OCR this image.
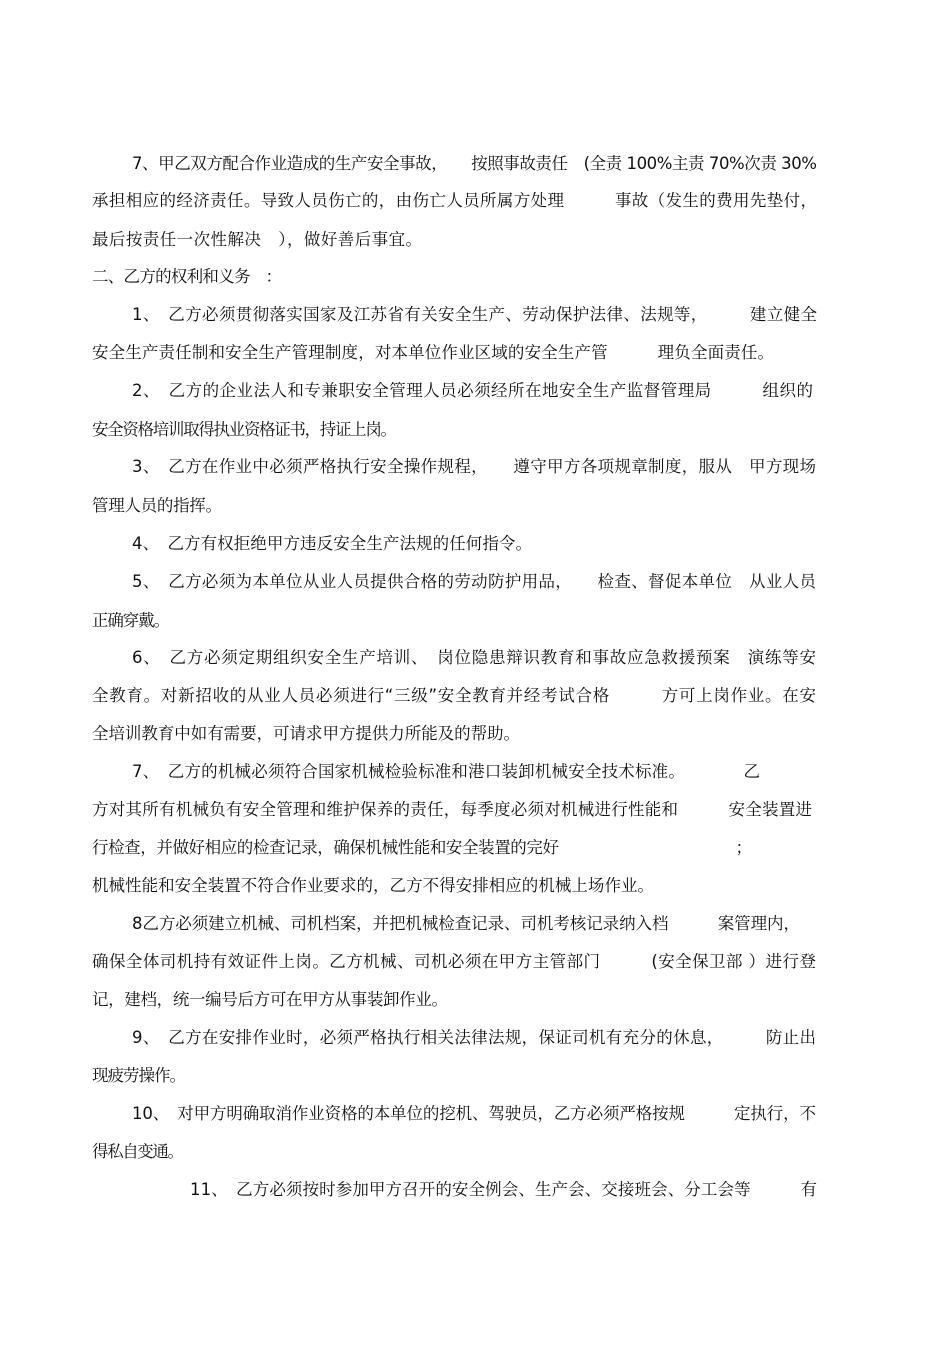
7、甲乙双方配合作业造成的生产安全事故，　　按照事故责任　(全责 100%主责 70%次责 30%
承担相应的经济责任。导致人员伤亡的，由伤亡人员所属方处理　　　事故（发生的费用先垫付，
最后按责任一次性解决　），做好善后事宜。
二、乙方的权利和义务　：
1、　乙方必须贯彻落实国家及江苏省有关安全生产、劳动保护法律、法规等，　　　建立健全
安全生产责任制和安全生产管理制度，对本单位作业区域的安全生产管　　　理负全面责任。
2、　乙方的企业法人和专兼职安全管理人员必须经所在地安全生产监督管理局　　　组织的
安全资格培训取得执业资格证书，持证上岗。
3、　乙方在作业中必须严格执行安全操作规程，　　遵守甲方各项规章制度，服从　甲方现场
管理人员的指挥。
4、　乙方有权拒绝甲方违反安全生产法规的任何指令。
5、　乙方必须为本单位从业人员提供合格的劳动防护用品，　　检查、督促本单位　从业人员
正确穿戴。
6、　乙方必须定期组织安全生产培训、　岗位隐患辩识教育和事故应急救援预案　演练等安
全教育。对新招收的从业人员必须进行“三级”安全教育并经考试合格　　　方可上岗作业。在安
全培训教育中如有需要，可请求甲方提供力所能及的帮助。
7、　乙方的机械必须符合国家机械检验标准和港口装卸机械安全技术标准。　　　　乙
方对其所有机械负有安全管理和维护保养的责任，每季度必须对机械进行性能和　　　安全装置进
行检查，并做好相应的检查记录，确保机械性能和安全装置的完好　　　　　　　　　　　；
机械性能和安全装置不符合作业要求的，乙方不得安排相应的机械上场作业。
8乙方必须建立机械、司机档案，并把机械检查记录、司机考核记录纳入档　　　案管理内，
确保全体司机持有效证件上岗。乙方机械、司机必须在甲方主管部门　　　(安全保卫部 ）进行登
记，建档，统一编号后方可在甲方从事装卸作业。
9、　乙方在安排作业时，必须严格执行相关法律法规，保证司机有充分的休息，　　　防止出
现疲劳操作。
10、　对甲方明确取消作业资格的本单位的挖机、驾驶员，乙方必须严格按规　　　定执行，不
得私自变通。
11、　乙方必须按时参加甲方召开的安全例会、生产会、交接班会、分工会等　　　有
